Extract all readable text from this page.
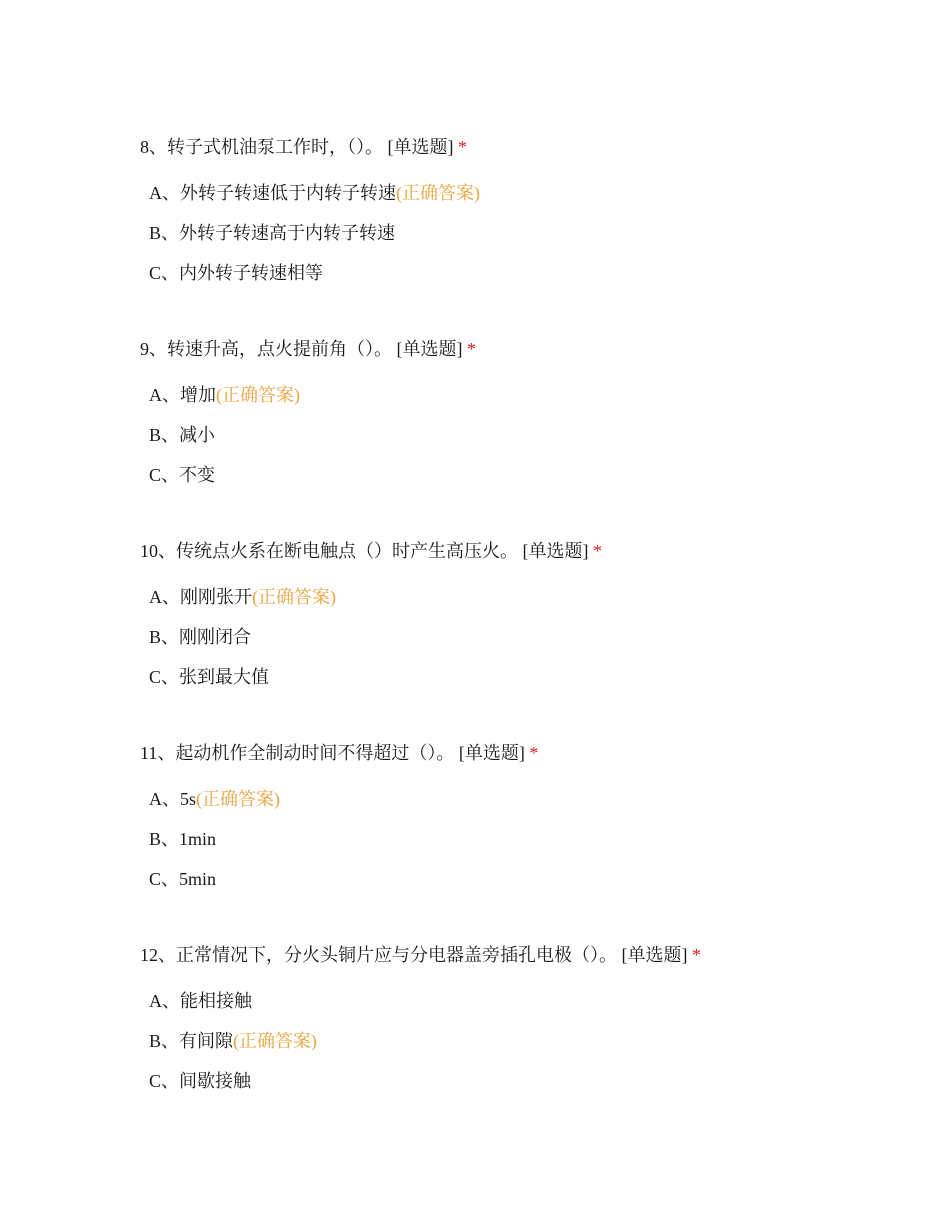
8、转子式机油泵工作时，（）。 [单选题] *
A、外转子转速低于内转子转速(正确答案)
B、外转子转速高于内转子转速
C、内外转子转速相等
9、转速升高，点火提前角（）。 [单选题] *
A、增加(正确答案)
B、减小
C、不变
10、传统点火系在断电触点（）时产生高压火。 [单选题] *
A、刚刚张开(正确答案)
B、刚刚闭合
C、张到最大值
11、起动机作全制动时间不得超过（）。 [单选题] *
A、5s(正确答案)
B、1min
C、5min
12、正常情况下，分火头铜片应与分电器盖旁插孔电极（）。 [单选题] *
A、能相接触
B、有间隙(正确答案)
C、间歇接触
